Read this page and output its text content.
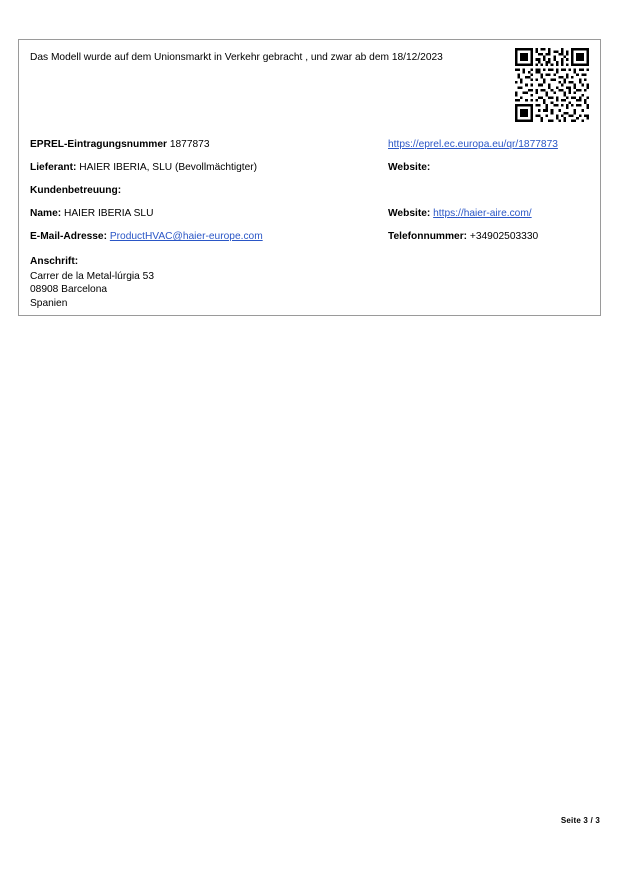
Das Modell wurde auf dem Unionsmarkt in Verkehr gebracht , und zwar ab dem 18/12/2023
EPREL-Eintragungsnummer 1877873	https://eprel.ec.europa.eu/qr/1877873
Lieferant: HAIER IBERIA, SLU (Bevollmächtigter)	Website:
Kundenbetreuung:
Name: HAIER IBERIA SLU	Website: https://haier-aire.com/
E-Mail-Adresse: ProductHVAC@haier-europe.com	Telefonnummer: +34902503330
Anschrift:
Carrer de la Metal-lúrgia 53
08908 Barcelona
Spanien
Seite 3 / 3
